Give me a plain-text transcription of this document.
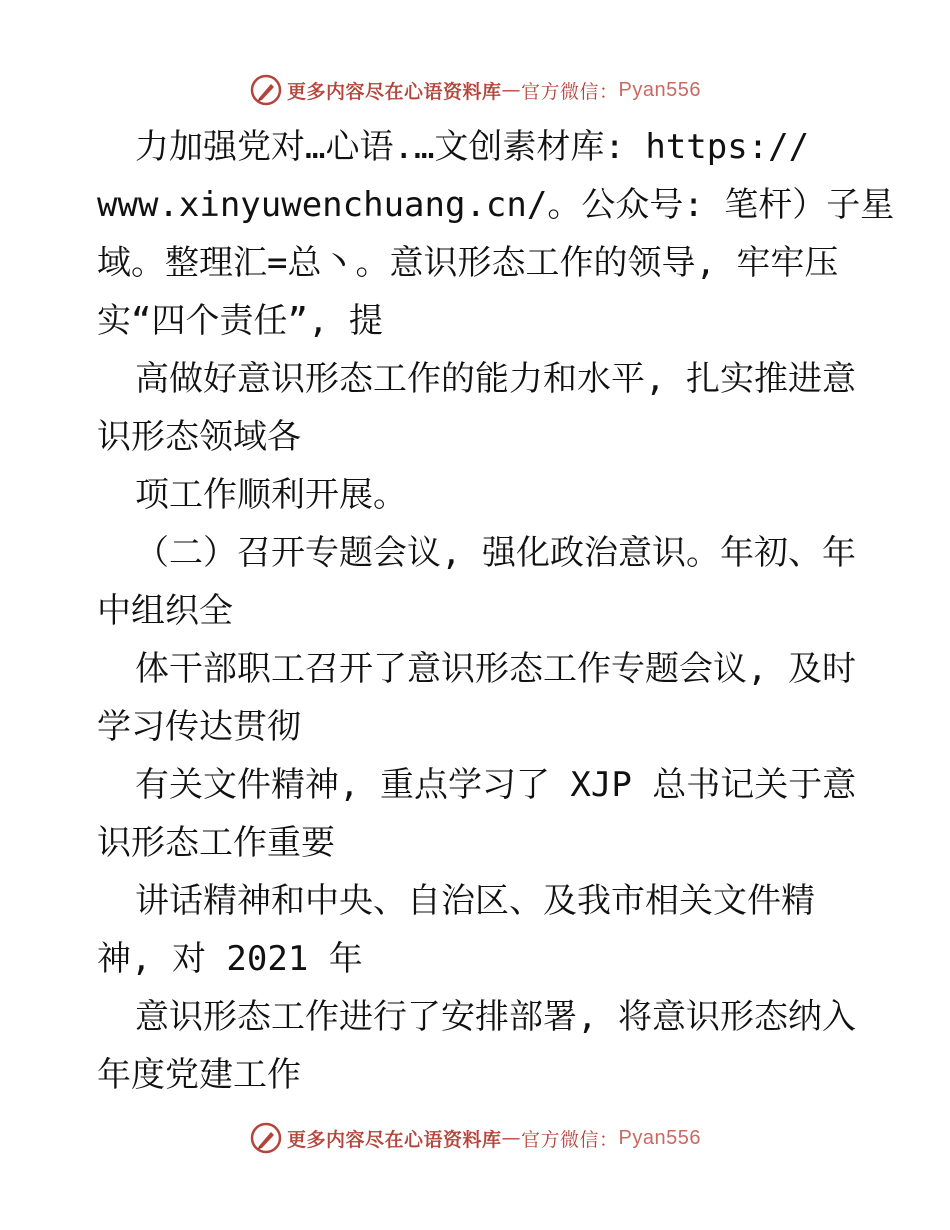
更多内容尽在心语资料库 — 官方微信： Pyan556
力加强党对…心语.…文创素材库: https://
www.xinyuwenchuang.cn/。公众号: 笔杆）子星
域。整理汇=总丶。意识形态工作的领导, 牢牢压
实“四个责任”, 提
高做好意识形态工作的能力和水平, 扎实推进意
识形态领域各
项工作顺利开展。
（二）召开专题会议, 强化政治意识。年初、年
中组织全
体干部职工召开了意识形态工作专题会议, 及时
学习传达贯彻
有关文件精神, 重点学习了 XJP 总书记关于意
识形态工作重要
讲话精神和中央、自治区、及我市相关文件精
神, 对 2021 年
意识形态工作进行了安排部署, 将意识形态纳入
年度党建工作
更多内容尽在心语资料库 — 官方微信： Pyan556
